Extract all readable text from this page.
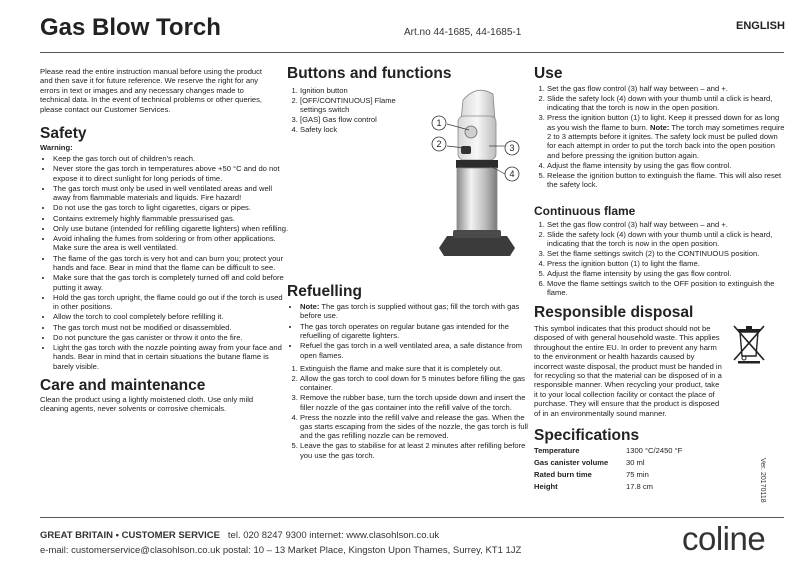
Gas Blow Torch	Art.no 44-1685, 44-1685-1
ENGLISH
Please read the entire instruction manual before using the product and then save it for future reference. We reserve the right for any errors in text or images and any necessary changes made to technical data. In the event of technical problems or other queries, please contact our Customer Services.
Safety
Warning:
• Keep the gas torch out of children’s reach.
• Never store the gas torch in temperatures above +50 °C and do not expose it to direct sunlight for long periods of time.
• The gas torch must only be used in well ventilated areas and well away from flammable materials and liquids. Fire hazard!
• Do not use the gas torch to light cigarettes, cigars or pipes.
• Contains extremely highly flammable pressurised gas.
• Only use butane (intended for refilling cigarette lighters) when refilling.
• Avoid inhaling the fumes from soldering or from other applications. Make sure the area is well ventilated.
• The flame of the gas torch is very hot and can burn you; protect your hands and face. Bear in mind that the flame can be difficult to see.
• Make sure that the gas torch is completely turned off and cold before putting it away.
• Hold the gas torch upright, the flame could go out if the torch is used in other positions.
• Allow the torch to cool completely before refilling it.
• The gas torch must not be modified or disassembled.
• Do not puncture the gas canister or throw it onto the fire.
• Light the gas torch with the nozzle pointing away from your face and hands. Bear in mind that in certain situations the butane flame is barely visible.
Care and maintenance
Clean the product using a lightly moistened cloth. Use only mild cleaning agents, never solvents or corrosive chemicals.
Buttons and functions
1. Ignition button
2. [OFF/CONTINUOUS] Flame settings switch
3. [GAS] Gas flow control
4. Safety lock
1
2	3
4
Refuelling
• Note: The gas torch is supplied without gas; fill the torch with gas before use.
• The gas torch operates on regular butane gas intended for the refuelling of cigarette lighters.
• Refuel the gas torch in a well ventilated area, a safe distance from open flames.
1. Extinguish the flame and make sure that it is completely out.
2. Allow the gas torch to cool down for 5 minutes before filling the gas container.
3. Remove the rubber base, turn the torch upside down and insert the filler nozzle of the gas container into the refill valve of the torch.
4. Press the nozzle into the refill valve and release the gas. When the gas starts escaping from the sides of the nozzle, the gas torch is full and the gas refilling nozzle can be removed.
5. Leave the gas to stabilise for at least 2 minutes after refilling before you use the gas torch.
Use
1. Set the gas flow control (3) half way between – and +.
2. Slide the safety lock (4) down with your thumb until a click is heard, indicating that the torch is now in the open position.
3. Press the ignition button (1) to light. Keep it pressed down for as long as you wish the flame to burn. Note: The torch may sometimes require 2 to 3 attempts before it ignites. The safety lock must be pulled down for each attempt in order to put the torch back into the open position and before pressing the ignition button again.
4. Adjust the flame intensity by using the gas flow control.
5. Release the ignition button to extinguish the flame. This will also reset the safety lock.
Continuous flame
1. Set the gas flow control (3) half way between – and +.
2. Slide the safety lock (4) down with your thumb until a click is heard, indicating that the torch is now in the open position.
3. Set the flame settings switch (2) to the CONTINUOUS position.
4. Press the ignition button (1) to light the flame.
5. Adjust the flame intensity by using the gas flow control.
6. Move the flame settings switch to the OFF position to extinguish the flame.
Responsible disposal
This symbol indicates that this product should not be disposed of with general household waste. This applies throughout the entire EU. In order to prevent any harm to the environment or health hazards caused by incorrect waste disposal, the product must be handed in for recycling so that the material can be disposed of in a responsible manner. When recycling your product, take it to your local collection facility or contact the place of purchase. They will ensure that the product is disposed of in an environmentally sound manner.
Specifications
Temperature	1300 °C/2450 °F
Gas canister volume 30 ml
Rated burn time	75 min
Height	17.8 cm	Ver. 20170118
GREAT BRITAIN • CUSTOMER SERVICE tel. 020 8247 9300 internet: www.clasohlson.co.uk
e-mail: customerservice@clasohlson.co.uk postal: 10 – 13 Market Place, Kingston Upon Thames, Surrey, KT1 1JZ	coline
